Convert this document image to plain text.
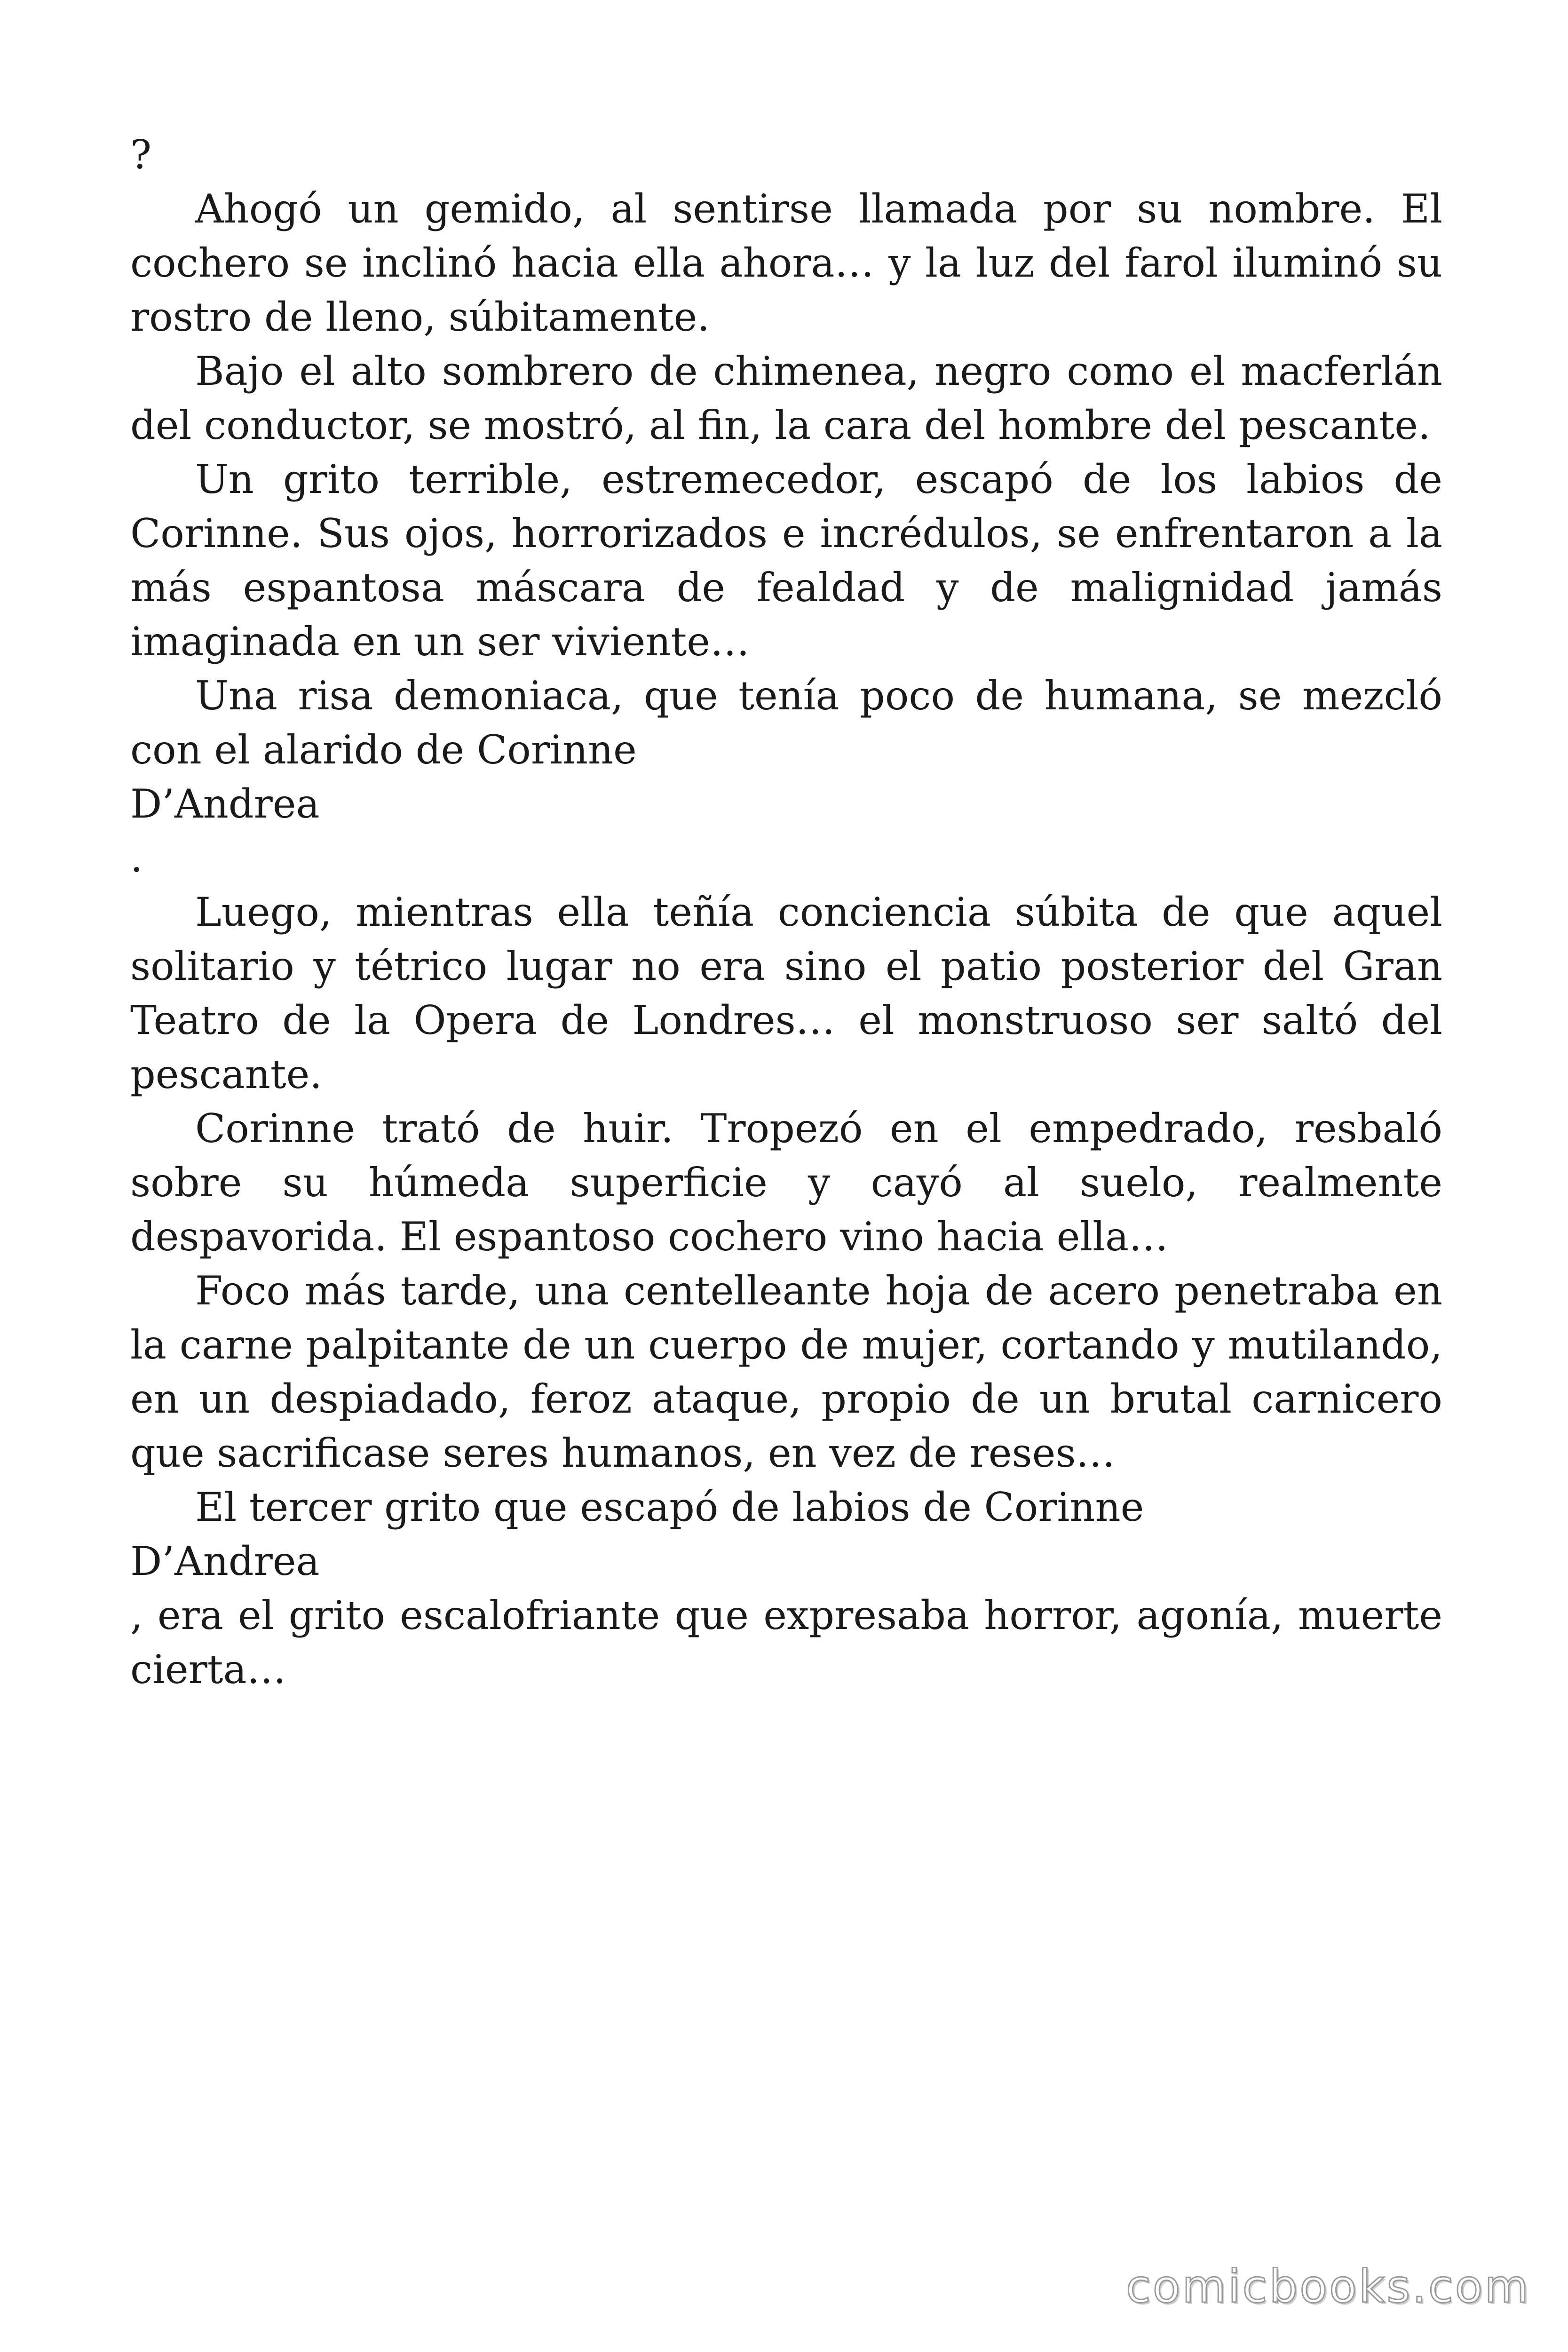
?

Ahogó un gemido, al sentirse llamada por su nombre. El cochero se inclinó hacia ella ahora… y la luz del farol iluminó su rostro de lleno, súbitamente.

Bajo el alto sombrero de chimenea, negro como el macferlán del conductor, se mostró, al fin, la cara del hombre del pescante.

Un grito terrible, estremecedor, escapó de los labios de Corinne. Sus ojos, horrorizados e incrédulos, se enfrentaron a la más espantosa máscara de fealdad y de malignidad jamás imaginada en un ser viviente…

Una risa demoniaca, que tenía poco de humana, se mezcló con el alarido de Corinne

D’Andrea

.

Luego, mientras ella teñía conciencia súbita de que aquel solitario y tétrico lugar no era sino el patio posterior del Gran Teatro de la Opera de Londres… el monstruoso ser saltó del pescante.

Corinne trató de huir. Tropezó en el empedrado, resbaló sobre su húmeda superficie y cayó al suelo, realmente despavorida. El espantoso cochero vino hacia ella…

Foco más tarde, una centelleante hoja de acero penetraba en la carne palpitante de un cuerpo de mujer, cortando y mutilando, en un despiadado, feroz ataque, propio de un brutal carnicero que sacrificase seres humanos, en vez de reses…

El tercer grito que escapó de labios de Corinne

D’Andrea

, era el grito escalofriante que expresaba horror, agonía, muerte cierta…

comicbooks.com
